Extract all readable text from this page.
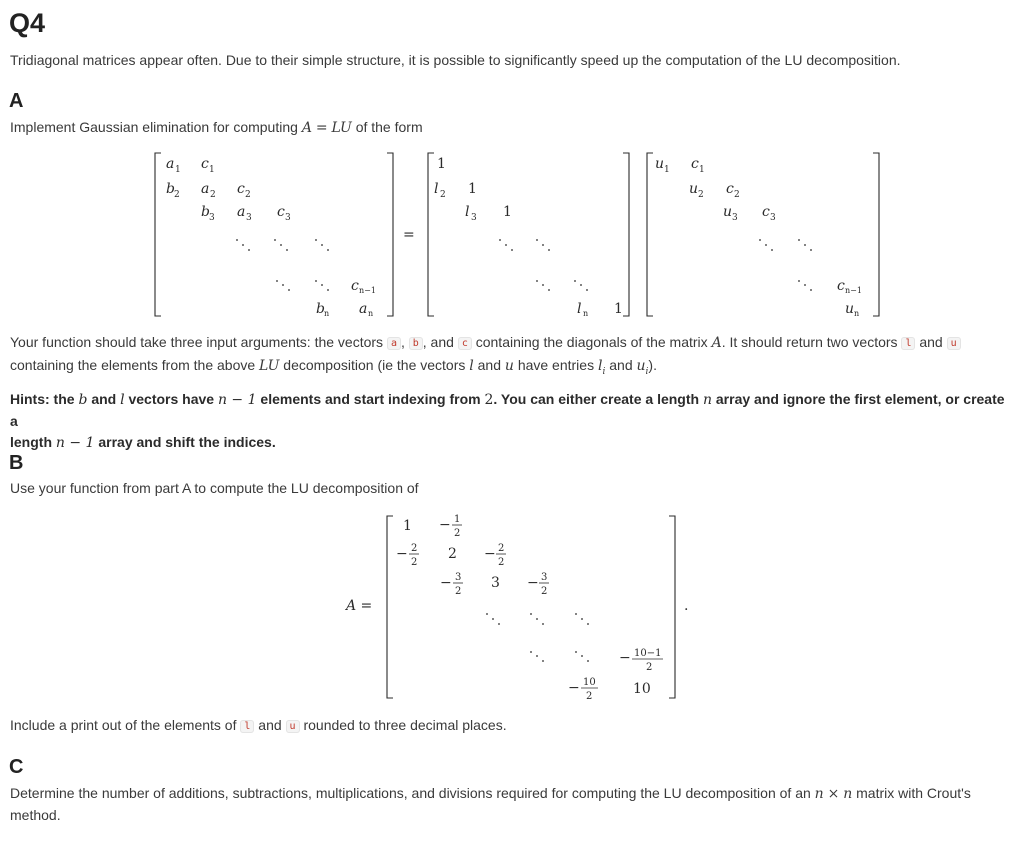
Q4

Tridiagonal matrices appear often. Due to their simple structure, it is possible to significantly speed up the computation of the LU decomposition.

A

Implement Gaussian elimination for computing A = LU of the form

a 1 c 1
b 2 a 2 c 2
b 3 a 3 c 3
c n−1
b n a n
=
1
l 2 1
l 3 1
l n 1
u 1 c 1
u 2 c 2
u 3 c 3
c n−1
u n

Your function should take three input arguments: the vectors a , b , and c containing the diagonals of the matrix A. It should return two vectors l and u
containing the elements from the above LU decomposition (ie the vectors l and u have entries $l_i$ and $u_i$).

Hints: the b and l vectors have n − 1 elements and start indexing from 2. You can either create a length n array and ignore the first element, or create a
length n − 1 array and shift the indices.

B

Use your function from part A to compute the LU decomposition of

A =	.
1 − 1
2
− 2
2
2 − 2
2
− 3
2
3 − 3
2
− 10−1
2
− 10
2	10

Include a print out of the elements of l and u rounded to three decimal places.

C

Determine the number of additions, subtractions, multiplications, and divisions required for computing the LU decomposition of an n × n matrix with Crout's
method.
